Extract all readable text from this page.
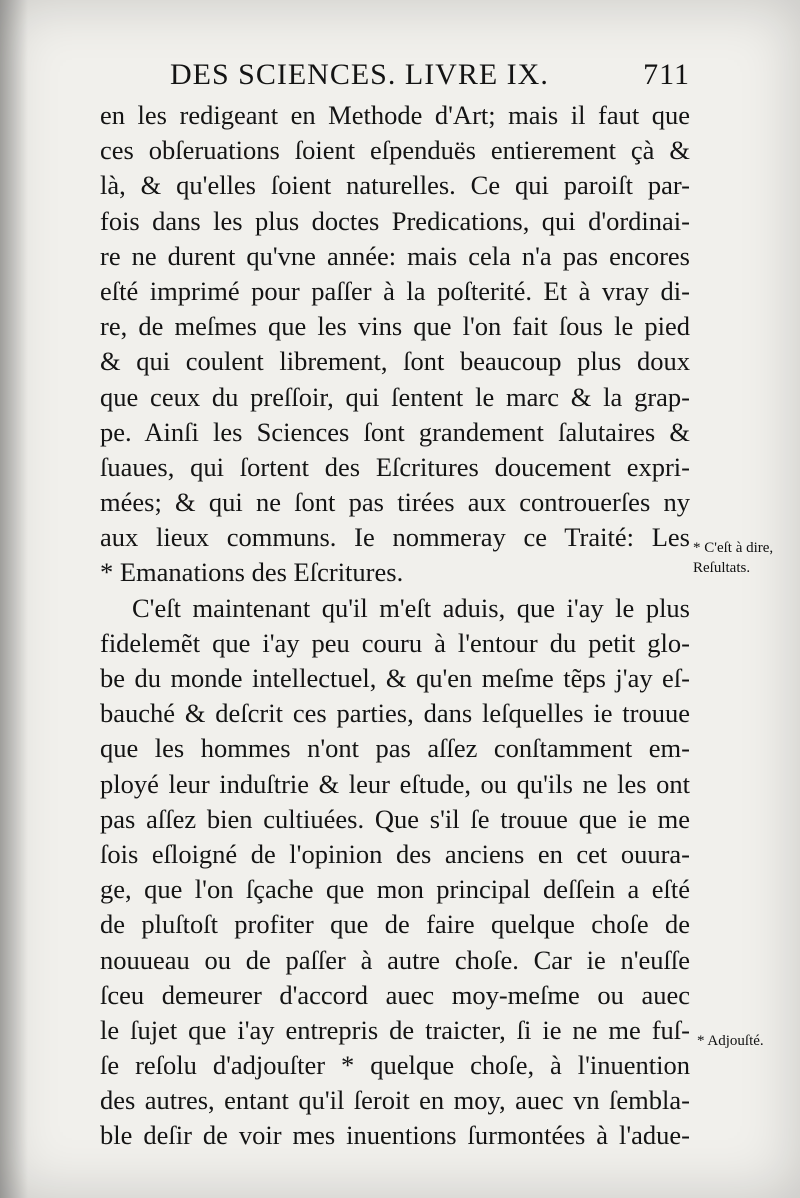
DES SCIENCES. LIVRE IX.	711
en les redigeant en Methode d'Art; mais il faut que
ces obſeruations ſoient eſpenduës entierement çà &
là, & qu'elles ſoient naturelles. Ce qui paroiſt par-
fois dans les plus doctes Predications, qui d'ordinai-
re ne durent qu'vne année: mais cela n'a pas encores
eſté imprimé pour paſſer à la poſterité. Et à vray di-
re, de meſmes que les vins que l'on fait ſous le pied
& qui coulent librement, ſont beaucoup plus doux
que ceux du preſſoir, qui ſentent le marc & la grap-
pe. Ainſi les Sciences ſont grandement ſalutaires &
ſuaues, qui ſortent des Eſcritures doucement expri-
mées; & qui ne ſont pas tirées aux controuerſes ny
aux lieux communs. Ie nommeray ce Traité: Les
* Emanations des Eſcritures.
C'eſt maintenant qu'il m'eſt aduis, que i'ay le plus
fidelemẽt que i'ay peu couru à l'entour du petit glo-
be du monde intellectuel, & qu'en meſme tẽps j'ay eſ-
bauché & deſcrit ces parties, dans leſquelles ie trouue
que les hommes n'ont pas aſſez conſtamment em-
ployé leur induſtrie & leur eſtude, ou qu'ils ne les ont
pas aſſez bien cultiuées. Que s'il ſe trouue que ie me
ſois eſloigné de l'opinion des anciens en cet ouura-
ge, que l'on ſçache que mon principal deſſein a eſté
de pluſtoſt profiter que de faire quelque choſe de
nouueau ou de paſſer à autre choſe. Car ie n'euſſe
ſceu demeurer d'accord auec moy-meſme ou auec
le ſujet que i'ay entrepris de traicter, ſi ie ne me fuſ-
ſe reſolu d'adjouſter * quelque choſe, à l'inuention
des autres, entant qu'il ſeroit en moy, auec vn ſembla-
ble deſir de voir mes inuentions ſurmontées à l'adue-
* C'eſt à dire,
Reſultats.
* Adjouſté.
